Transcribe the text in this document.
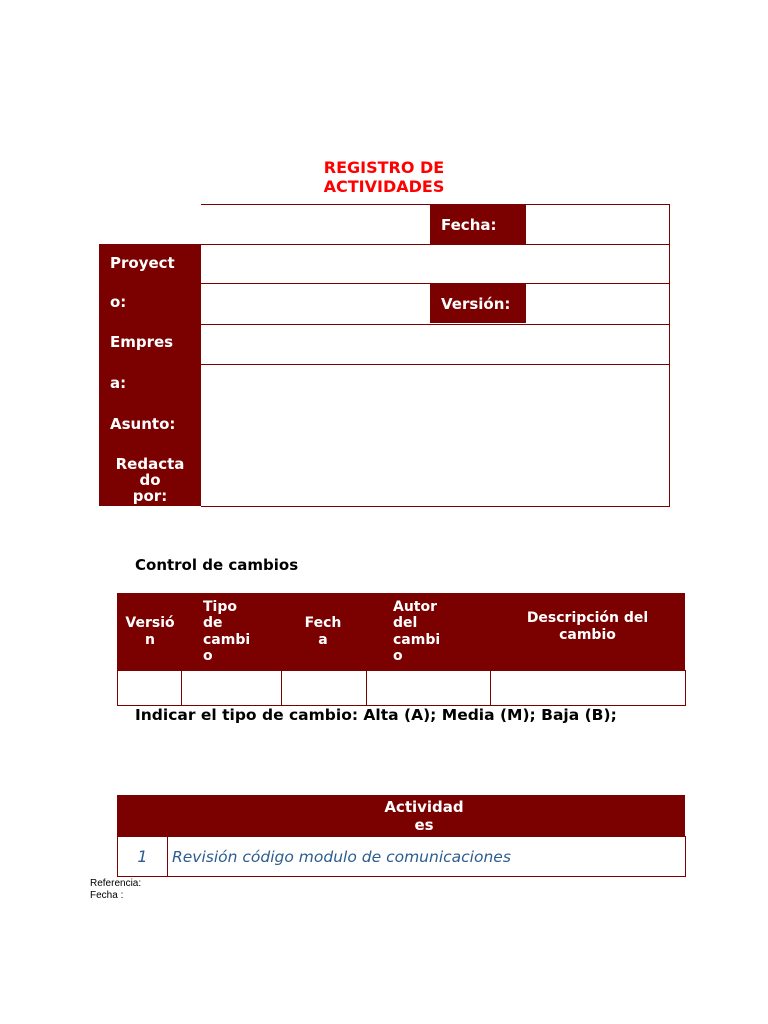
REGISTRO DE
ACTIVIDADES
Fecha:
Versión:
Proyect
o:
Empres
a:
Asunto:
Redacta
do
por:
Control de cambios
Versió
n
Tipo
de
cambi
o
Fech
a
Autor
del
cambi
o
Descripción del
cambio
Indicar el tipo de cambio: Alta (A); Media (M); Baja (B);
Actividad
es
1	Revisión código modulo de comunicaciones
Referencia:
Fecha :
